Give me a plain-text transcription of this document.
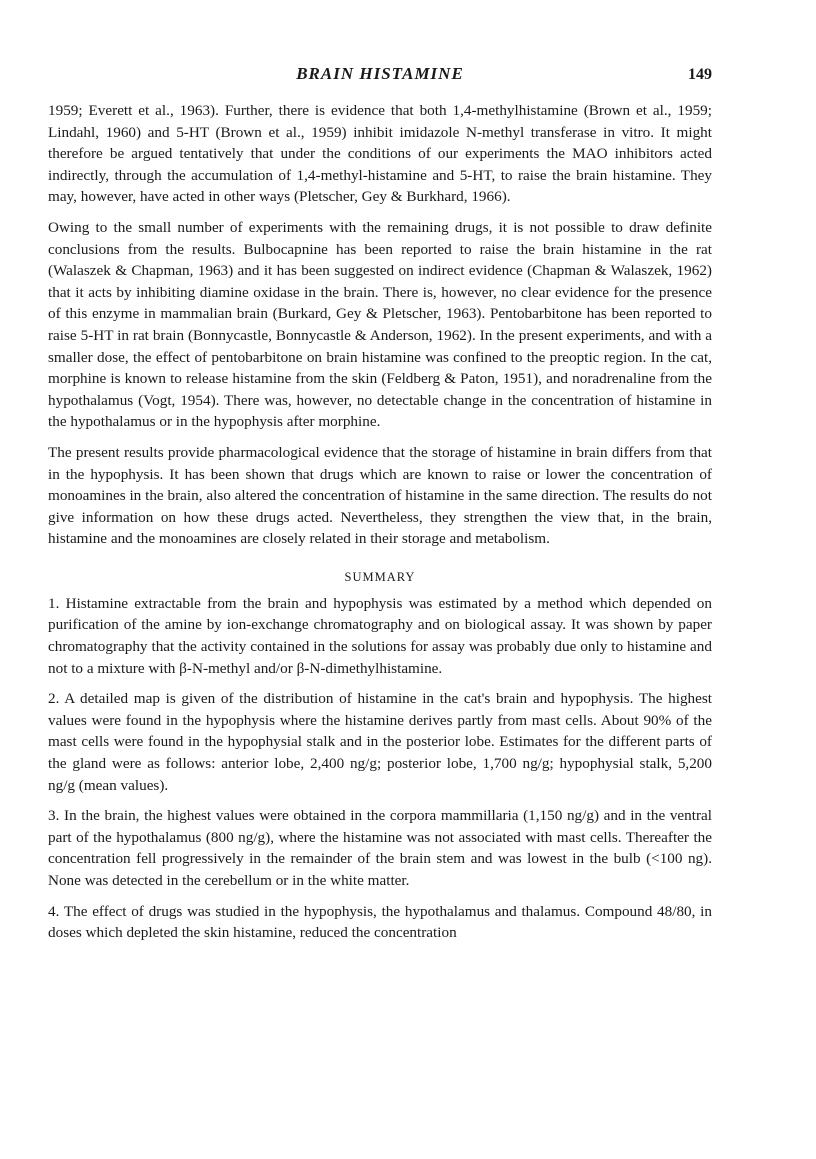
BRAIN HISTAMINE	149

1959; Everett et al., 1963). Further, there is evidence that both 1,4-methylhistamine (Brown et al., 1959; Lindahl, 1960) and 5-HT (Brown et al., 1959) inhibit imidazole N-methyl transferase in vitro. It might therefore be argued tentatively that under the conditions of our experiments the MAO inhibitors acted indirectly, through the accumulation of 1,4-methyl-histamine and 5-HT, to raise the brain histamine. They may, however, have acted in other ways (Pletscher, Gey & Burkhard, 1966).

Owing to the small number of experiments with the remaining drugs, it is not possible to draw definite conclusions from the results. Bulbocapnine has been reported to raise the brain histamine in the rat (Walaszek & Chapman, 1963) and it has been suggested on indirect evidence (Chapman & Walaszek, 1962) that it acts by inhibiting diamine oxidase in the brain. There is, however, no clear evidence for the presence of this enzyme in mammalian brain (Burkard, Gey & Pletscher, 1963). Pentobarbitone has been reported to raise 5-HT in rat brain (Bonnycastle, Bonnycastle & Anderson, 1962). In the present experiments, and with a smaller dose, the effect of pentobarbitone on brain histamine was confined to the preoptic region. In the cat, morphine is known to release histamine from the skin (Feldberg & Paton, 1951), and noradrenaline from the hypothalamus (Vogt, 1954). There was, however, no detectable change in the concentration of histamine in the hypothalamus or in the hypophysis after morphine.

The present results provide pharmacological evidence that the storage of histamine in brain differs from that in the hypophysis. It has been shown that drugs which are known to raise or lower the concentration of monoamines in the brain, also altered the concentration of histamine in the same direction. The results do not give information on how these drugs acted. Nevertheless, they strengthen the view that, in the brain, histamine and the monoamines are closely related in their storage and metabolism.

SUMMARY

1. Histamine extractable from the brain and hypophysis was estimated by a method which depended on purification of the amine by ion-exchange chromatography and on biological assay. It was shown by paper chromatography that the activity contained in the solutions for assay was probably due only to histamine and not to a mixture with β-N-methyl and/or β-N-dimethylhistamine.

2. A detailed map is given of the distribution of histamine in the cat's brain and hypophysis. The highest values were found in the hypophysis where the histamine derives partly from mast cells. About 90% of the mast cells were found in the hypophysial stalk and in the posterior lobe. Estimates for the different parts of the gland were as follows: anterior lobe, 2,400 ng/g; posterior lobe, 1,700 ng/g; hypophysial stalk, 5,200 ng/g (mean values).

3. In the brain, the highest values were obtained in the corpora mammillaria (1,150 ng/g) and in the ventral part of the hypothalamus (800 ng/g), where the histamine was not associated with mast cells. Thereafter the concentration fell progressively in the remainder of the brain stem and was lowest in the bulb (<100 ng). None was detected in the cerebellum or in the white matter.

4. The effect of drugs was studied in the hypophysis, the hypothalamus and thalamus. Compound 48/80, in doses which depleted the skin histamine, reduced the concentration
